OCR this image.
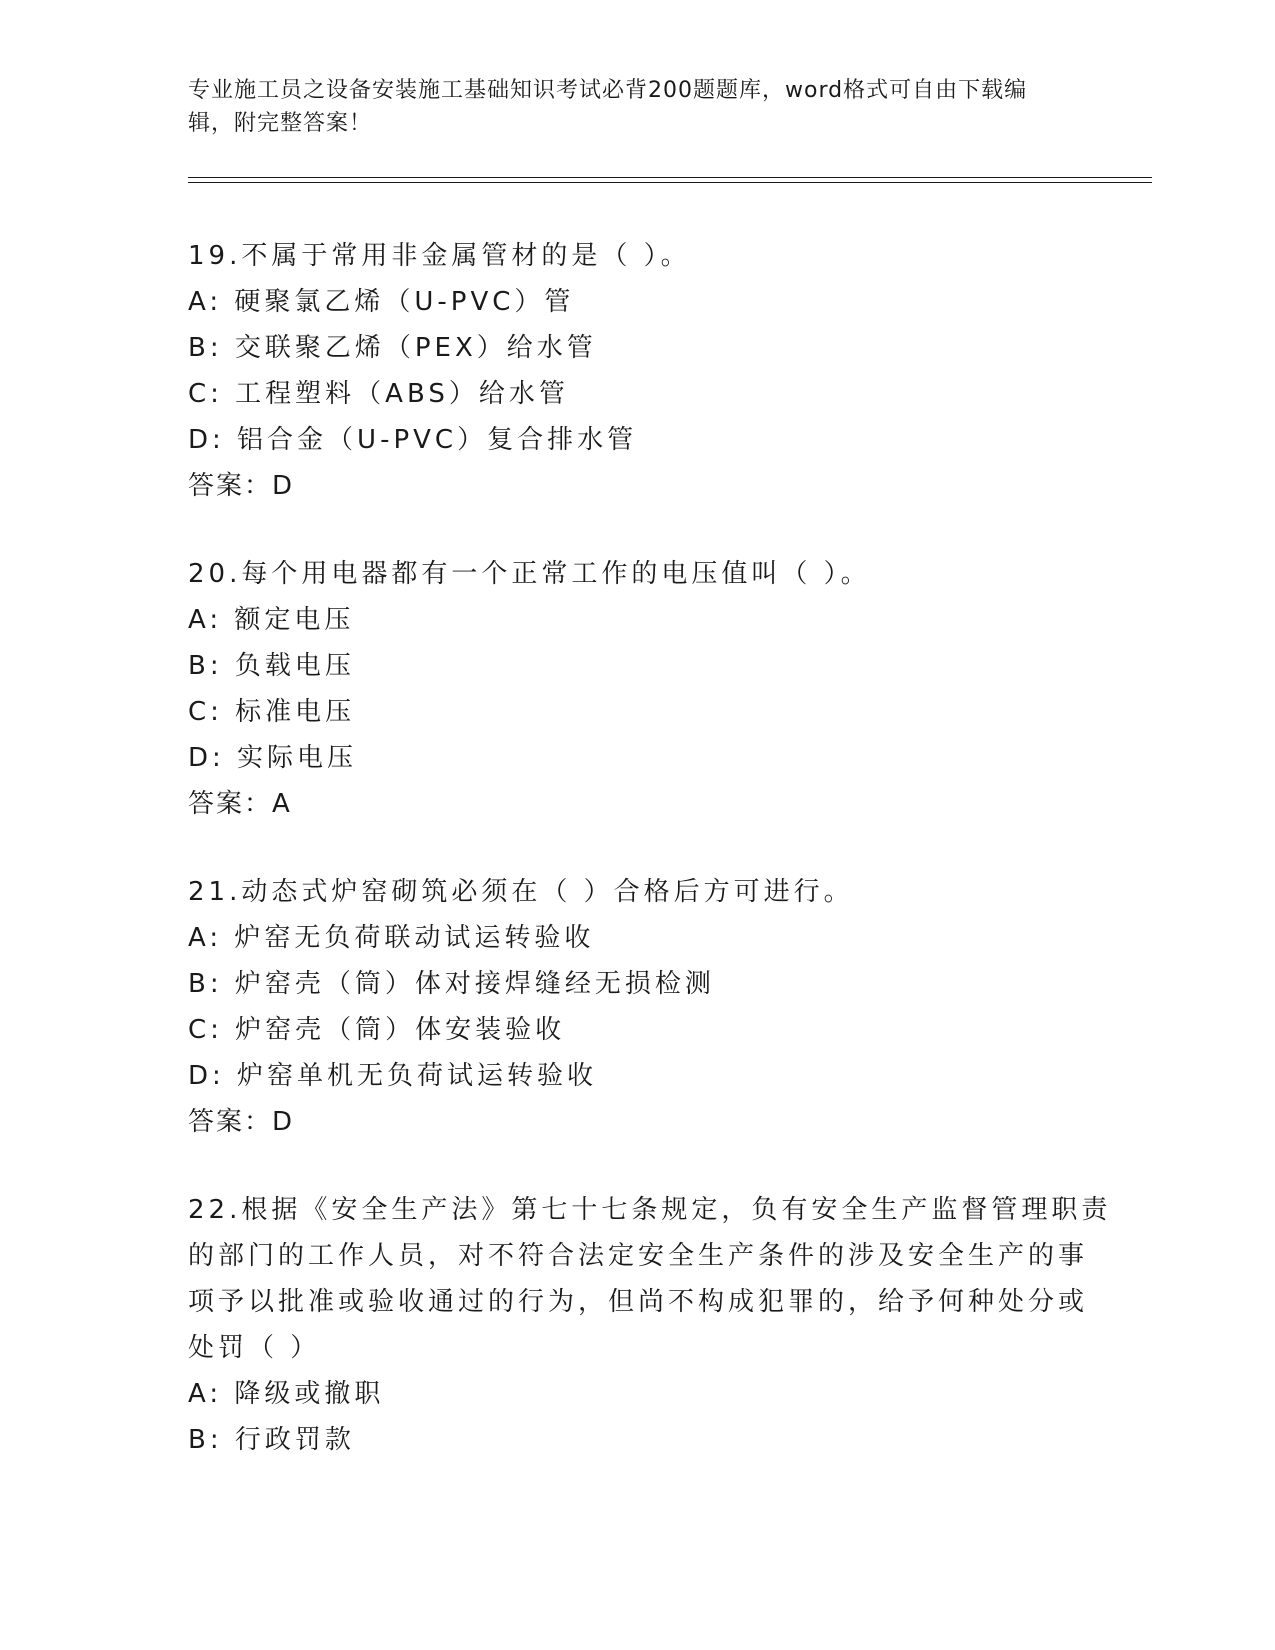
专业施工员之设备安装施工基础知识考试必背200题题库，word格式可自由下载编辑，附完整答案！
19.不属于常用非金属管材的是（ ）。
A: 硬聚氯乙烯（U-PVC）管
B: 交联聚乙烯（PEX）给水管
C: 工程塑料（ABS）给水管
D: 铝合金（U-PVC）复合排水管
答案：D
20.每个用电器都有一个正常工作的电压值叫（ ）。
A: 额定电压
B: 负载电压
C: 标准电压
D: 实际电压
答案：A
21.动态式炉窑砌筑必须在（ ）合格后方可进行。
A: 炉窑无负荷联动试运转验收
B: 炉窑壳（筒）体对接焊缝经无损检测
C: 炉窑壳（筒）体安装验收
D: 炉窑单机无负荷试运转验收
答案：D
22.根据《安全生产法》第七十七条规定，负有安全生产监督管理职责
的部门的工作人员，对不符合法定安全生产条件的涉及安全生产的事
项予以批准或验收通过的行为，但尚不构成犯罪的，给予何种处分或
处罚（ ）
A: 降级或撤职
B: 行政罚款
